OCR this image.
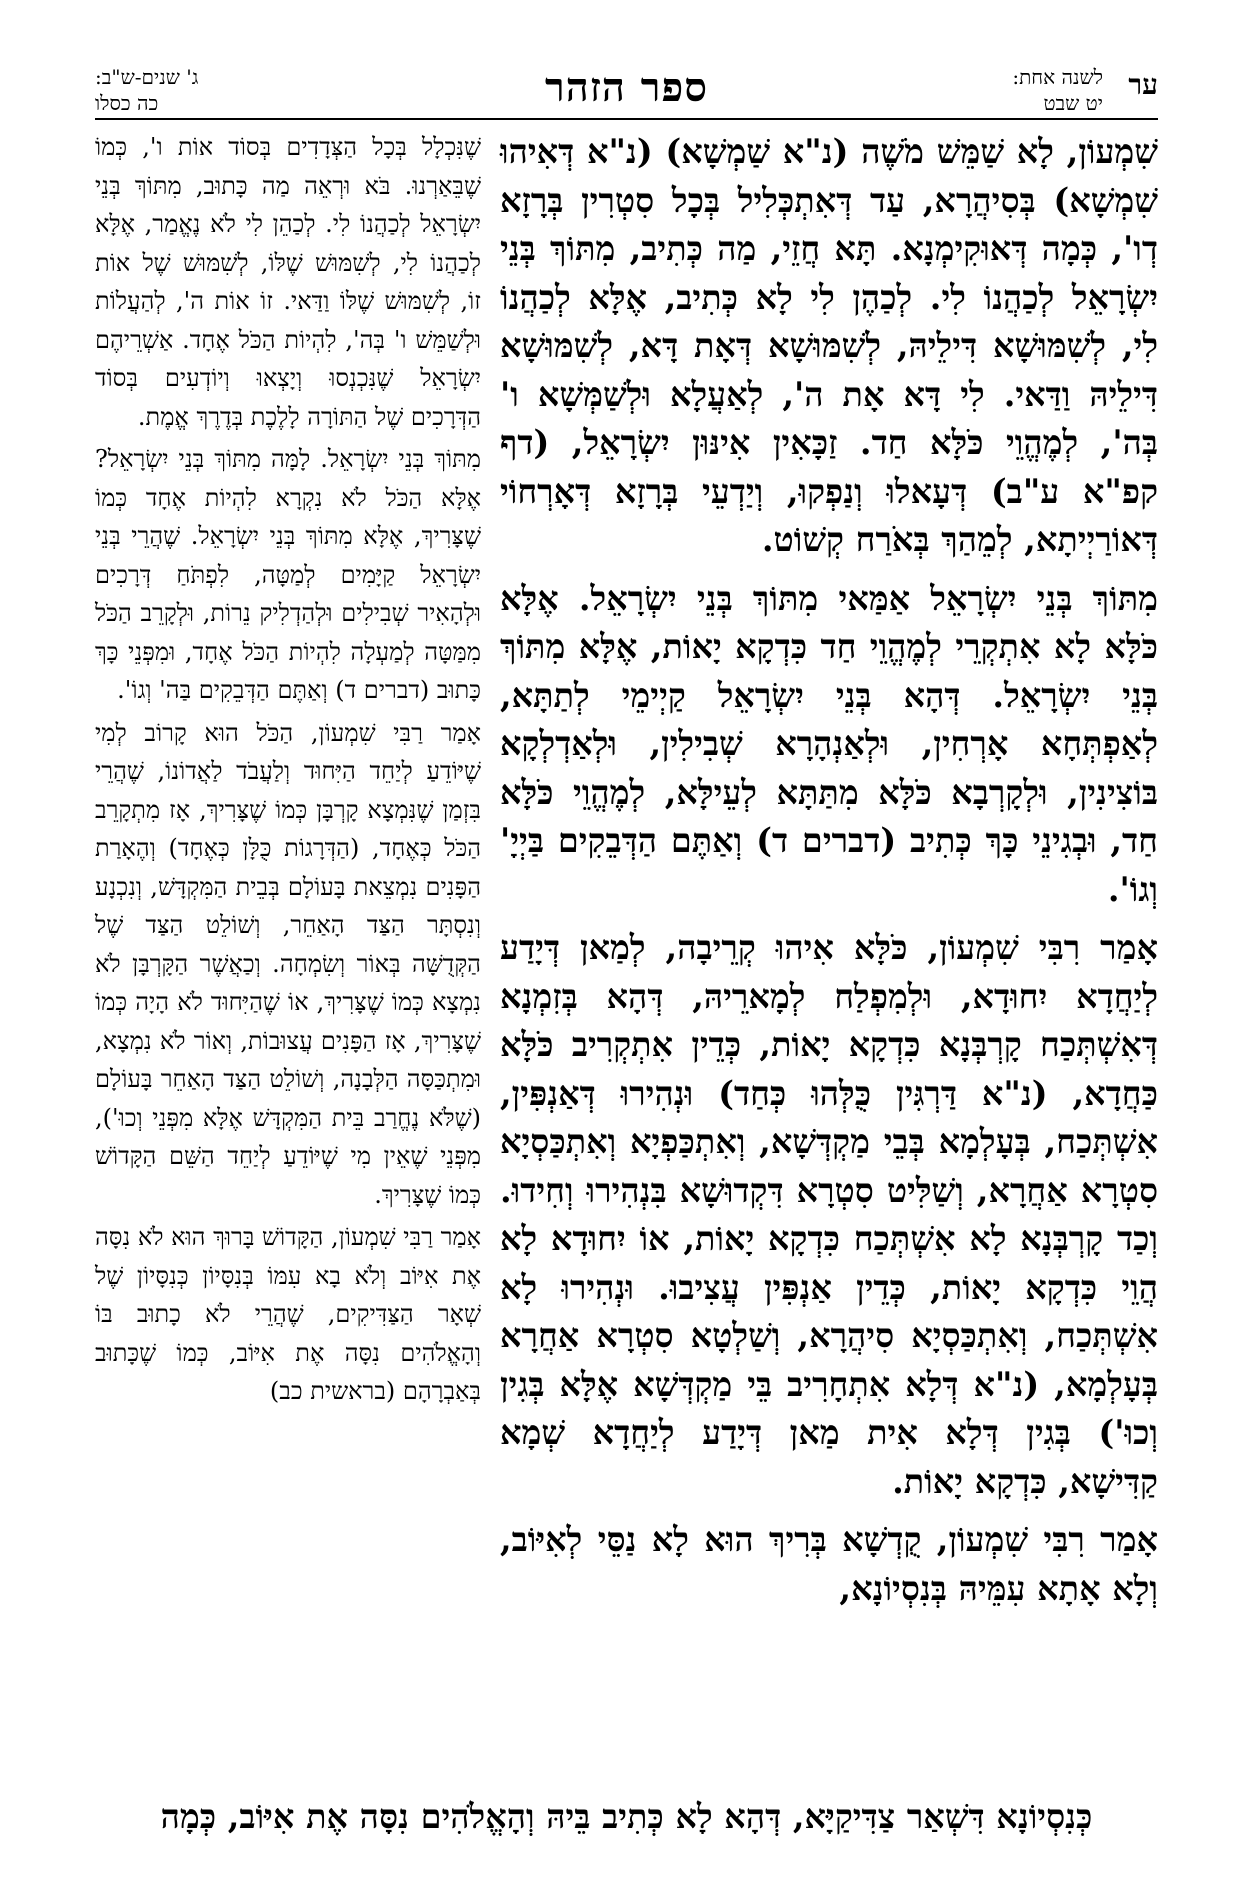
ער
לשנה אחת:
יט שבט
ספר הזהר
ג' שנים-ש"ב:
כה כסלו

שִׁמְעוֹן, לָא שַׁמֵּשׁ מֹשֶׁה (נ"א שַׁמְשָׁא) (נ"א דְּאִיהוּ שִׁמְשָׁא) בְּסִיהֲרָא, עַד דְּאִתְכְּלִיל בְּכָל סִטְרִין בְּרָזָא דְו', כְּמָה דְּאוּקִימְנָא. תָּא חֲזֵי, מַה כְּתִיב, מִתּוֹךְ בְּנֵי יִשְׂרָאֵל לְכַהֲנוֹ לִי. לְכַהֶן לִי לָא כְּתִיב, אֶלָּא לְכַהֲנוֹ לִי, לְשִׁמּוּשָׁא דִּילֵיהּ, לְשִׁמּוּשָׁא דְּאָת דָּא, לְשִׁמּוּשָׁא דִּילֵיהּ וַדַּאי. לִי דָּא אָת ה', לְאַעֲלָא וּלְשַׁמְּשָׁא ו' בְּה', לְמֶהֱוֵי כֹּלָּא חַד. זַכָּאִין אִינּוּן יִשְׂרָאֵל, (דף קפ"א ע"ב) דְּעָאלוּ וְנַפְקוּ, וְיַדְעֵי בְּרָזָא דְּאָרְחוֹי דְּאוֹרַיְיתָא, לְמֵהַךְ בְּאֹרַח קְשׁוֹט.

מִתּוֹךְ בְּנֵי יִשְׂרָאֵל אַמַּאי מִתּוֹךְ בְּנֵי יִשְׂרָאֵל. אֶלָּא כֹּלָּא לָא אִתְקְרֵי לְמֶהֱוֵי חַד כִּדְקָא יָאוֹת, אֶלָּא מִתּוֹךְ בְּנֵי יִשְׂרָאֵל. דְּהָא בְּנֵי יִשְׂרָאֵל קַיְימֵי לְתַתָּא, לְאַפְתְּחָא אָרְחִין, וּלְאַנְהָרָא שְׁבִילִין, וּלְאַדְלְקָא בּוֹצִינִין, וּלְקָרְבָא כֹּלָּא מִתַּתָּא לְעֵילָּא, לְמֶהֱוֵי כֹּלָּא חַד, וּבְגִינֵי כָּךְ כְּתִיב (דברים ד) וְאַתֶּם הַדְּבֵקִים בַּיְיָ' וְגוֹ'.

אָמַר רִבִּי שִׁמְעוֹן, כֹּלָּא אִיהוּ קְרֵיבָה, לְמַאן דְּיָדַע לְיַחֲדָא יִחוּדָא, וּלְמִפְלַח לְמָארֵיהּ, דְּהָא בְּזִמְנָא דְּאִשְׁתְּכַח קָרְבְּנָא כִּדְקָא יָאוֹת, כְּדֵין אִתְקְרִיב כֹּלָּא כַּחֲדָא, (נ"א דַּרְגִּין כֻּלְּהוּ כְּחַד) וּנְהִירוּ דְּאַנְפִּין, אִשְׁתְּכַח, בְּעָלְמָא בְּבֵי מַקְדְּשָׁא, וְאִתְכַּפְיָא וְאִתְכַּסְיָא סִטְרָא אַחֲרָא, וְשַׁלִּיט סִטְרָא דִּקְדוּשָׁא בִּנְהִירוּ וְחִידוּ. וְכַד קָרְבְּנָא לָא אִשְׁתְּכַח כִּדְקָא יָאוֹת, אוֹ יִחוּדָא לָא הֲוֵי כִּדְקָא יָאוֹת, כְּדֵין אַנְפִּין עֲצִיבוּ. וּנְהִירוּ לָא אִשְׁתְּכַח, וְאִתְכַּסְיָא סִיהֲרָא, וְשַׁלְטָא סִטְרָא אַחֲרָא בְּעָלְמָא, (נ"א דְּלָא אִתְחָרִיב בֵּי מַקְדְּשָׁא אֶלָּא בְּגִין וְכוּ') בְּגִין דְּלָא אִית מַאן דְּיָדַע לְיַחֲדָא שְׁמָא קַדִּישָׁא, כִּדְקָא יָאוֹת.

אָמַר רִבִּי שִׁמְעוֹן, קֻדְשָׁא בְּרִיךְ הוּא לָא נַסֵּי לְאִיּוֹב, וְלָא אָתָא עִמֵּיהּ בְּנִסְיוֹנָא,

שֶׁנִּכְלָל בְּכָל הַצְּדָדִים בְּסוֹד אוֹת ו', כְּמוֹ שֶׁבֵּאַרְנוּ. בֹּא וּרְאֵה מַה כָּתוּב, מִתּוֹךְ בְּנֵי יִשְׂרָאֵל לְכַהֲנוֹ לִי. לְכַהֵן לִי לֹא נֶאֱמַר, אֶלָּא לְכַהֲנוֹ לִי, לְשִׁמּוּשׁ שֶׁלּוֹ, לְשִׁמּוּשׁ שֶׁל אוֹת זוֹ, לְשִׁמּוּשׁ שֶׁלּוֹ וַדַּאי. זוֹ אוֹת ה', לְהַעֲלוֹת וּלְשַׁמֵּשׁ ו' בְּה', לִהְיוֹת הַכֹּל אֶחָד. אַשְׁרֵיהֶם יִשְׂרָאֵל שֶׁנִּכְנְסוּ וְיָצְאוּ וְיוֹדְעִים בְּסוֹד הַדְּרָכִים שֶׁל הַתּוֹרָה לָלֶכֶת בְּדֶרֶךְ אֱמֶת.

מִתּוֹךְ בְּנֵי יִשְׂרָאֵל. לָמָּה מִתּוֹךְ בְּנֵי יִשְׂרָאֵל? אֶלָּא הַכֹּל לֹא נִקְרָא לִהְיוֹת אֶחָד כְּמוֹ שֶׁצָּרִיךְ, אֶלָּא מִתּוֹךְ בְּנֵי יִשְׂרָאֵל. שֶׁהֲרֵי בְּנֵי יִשְׂרָאֵל קַיָּמִים לְמַטָּה, לִפְתֹּחַ דְּרָכִים וּלְהָאִיר שְׁבִילִים וּלְהַדְלִיק נֵרוֹת, וּלְקָרֵב הַכֹּל מִמַּטָּה לְמַעְלָה לִהְיוֹת הַכֹּל אֶחָד, וּמִפְּנֵי כָּךְ כָּתוּב (דברים ד) וְאַתֶּם הַדְּבֵקִים בַּה' וְגוֹ'.

אָמַר רַבִּי שִׁמְעוֹן, הַכֹּל הוּא קָרוֹב לְמִי שֶׁיּוֹדֵעַ לְיַחֵד הַיִּחוּד וְלַעֲבֹד לַאֲדוֹנוֹ, שֶׁהֲרֵי בִּזְמַן שֶׁנִּמְצָא קָרְבָּן כְּמוֹ שֶׁצָּרִיךְ, אָז מִתְקָרֵב הַכֹּל כְּאֶחָד, (הַדְּרָגוֹת כֻּלָּן כְּאֶחָד) וְהֶאָרַת הַפָּנִים נִמְצֵאת בָּעוֹלָם בְּבֵית הַמִּקְדָּשׁ, וְנִכְנָע וְנִסְתָּר הַצַּד הָאַחֵר, וְשׁוֹלֵט הַצַּד שֶׁל הַקְּדֻשָּׁה בְּאוֹר וְשִׂמְחָה. וְכַאֲשֶׁר הַקָּרְבָּן לֹא נִמְצָא כְּמוֹ שֶׁצָּרִיךְ, אוֹ שֶׁהַיִּחוּד לֹא הָיָה כְּמוֹ שֶׁצָּרִיךְ, אָז הַפָּנִים עֲצוּבוֹת, וְאוֹר לֹא נִמְצָא, וּמִתְכַּסָּה הַלְּבָנָה, וְשׁוֹלֵט הַצַּד הָאַחֵר בָּעוֹלָם (שֶׁלֹּא נֶחֱרַב בֵּית הַמִּקְדָּשׁ אֶלָּא מִפְּנֵי וְכוּ'), מִפְּנֵי שֶׁאֵין מִי שֶׁיּוֹדֵעַ לְיַחֵד הַשֵּׁם הַקָּדוֹשׁ כְּמוֹ שֶׁצָּרִיךְ.

אָמַר רַבִּי שִׁמְעוֹן, הַקָּדוֹשׁ בָּרוּךְ הוּא לֹא נִסָּה אֶת אִיּוֹב וְלֹא בָא עִמּוֹ בְּנִסָּיוֹן כְּנִסָּיוֹן שֶׁל שְׁאָר הַצַּדִּיקִים, שֶׁהֲרֵי לֹא כָתוּב בּוֹ וְהָאֱלֹהִים נִסָּה אֶת אִיּוֹב, כְּמוֹ שֶׁכָּתוּב בְּאַבְרָהָם (בראשית כב)

כְּנִסְיוֹנָא דִּשְׁאַר צַדִּיקַיָּא, דְּהָא לָא כְּתִיב בֵּיהּ וְהָאֱלֹהִים נִסָּה אֶת אִיּוֹב, כְּמָה
